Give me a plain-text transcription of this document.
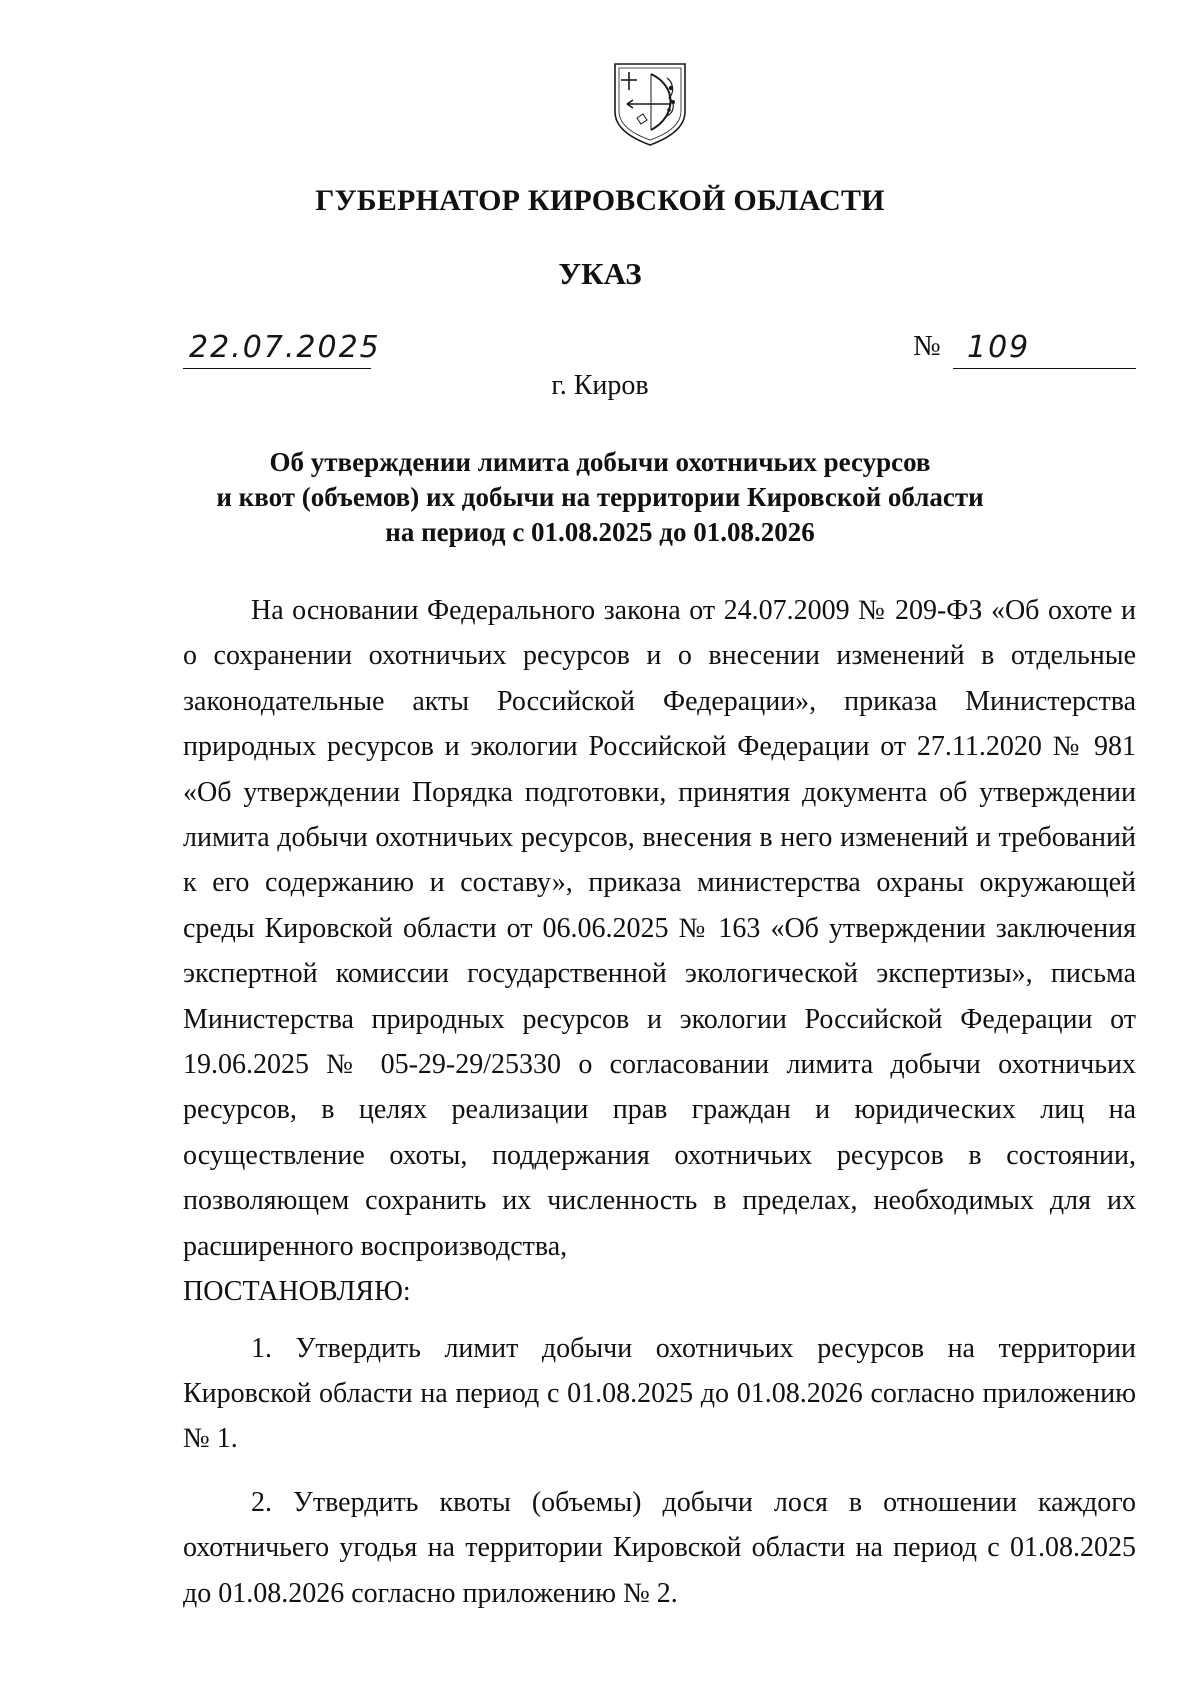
ГУБЕРНАТОР КИРОВСКОЙ ОБЛАСТИ
УКАЗ
22.07.2025	№ 109
г. Киров
Об утверждении лимита добычи охотничьих ресурсов
и квот (объемов) их добычи на территории Кировской области
на период с 01.08.2025 до 01.08.2026

На основании Федерального закона от 24.07.2009 № 209-ФЗ «Об охоте и о сохранении охотничьих ресурсов и о внесении изменений в отдельные законодательные акты Российской Федерации», приказа Министерства природных ресурсов и экологии Российской Федерации от 27.11.2020 № 981 «Об утверждении Порядка подготовки, принятия документа об утверждении лимита добычи охотничьих ресурсов, внесения в него изменений и требований к его содержанию и составу», приказа министерства охраны окружающей среды Кировской области от 06.06.2025 № 163 «Об утверждении заключения экспертной комиссии государственной экологической экспертизы», письма Министерства природных ресурсов и экологии Российской Федерации от 19.06.2025 № 05-29-29/25330 о согласовании лимита добычи охотничьих ресурсов, в целях реализации прав граждан и юридических лиц на осуществление охоты, поддержания охотничьих ресурсов в состоянии, позволяющем сохранить их численность в пределах, необходимых для их расширенного воспроизводства,

ПОСТАНОВЛЯЮ:

1. Утвердить лимит добычи охотничьих ресурсов на территории Кировской области на период с 01.08.2025 до 01.08.2026 согласно приложению № 1.

2. Утвердить квоты (объемы) добычи лося в отношении каждого охотничьего угодья на территории Кировской области на период с 01.08.2025 до 01.08.2026 согласно приложению № 2.
